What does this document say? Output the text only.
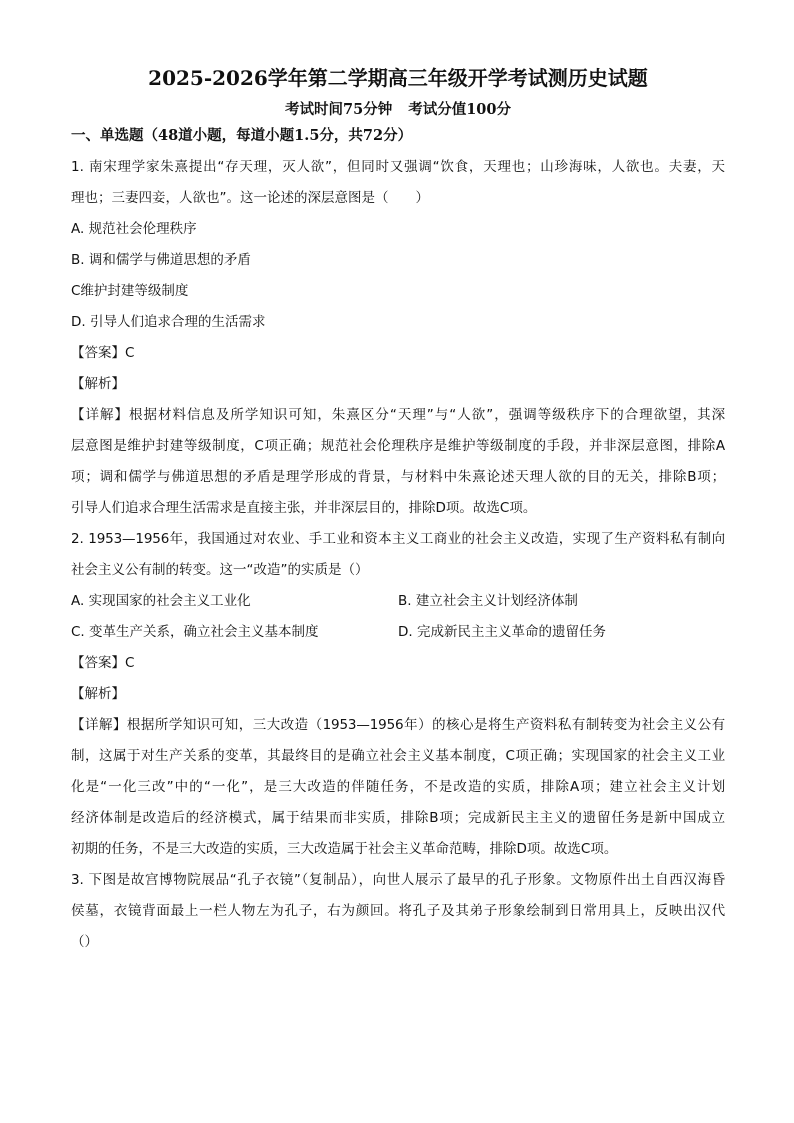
2025-2026学年第二学期高三年级开学考试测历史试题
考试时间75分钟 考试分值100分
一、单选题（48道小题，每道小题1.5分，共72分）
1. 南宋理学家朱熹提出“存天理，灭人欲”，但同时又强调“饮食，天理也；山珍海味，人欲也。夫妻，天
理也；三妻四妾，人欲也”。这一论述的深层意图是（　　）
A. 规范社会伦理秩序
B. 调和儒学与佛道思想的矛盾
C维护封建等级制度
D. 引导人们追求合理的生活需求
【答案】C
【解析】
【详解】根据材料信息及所学知识可知，朱熹区分“天理”与“人欲”，强调等级秩序下的合理欲望，其深
层意图是维护封建等级制度，C项正确；规范社会伦理秩序是维护等级制度的手段，并非深层意图，排除A
项；调和儒学与佛道思想的矛盾是理学形成的背景，与材料中朱熹论述天理人欲的目的无关，排除B项；
引导人们追求合理生活需求是直接主张，并非深层目的，排除D项。故选C项。
2. 1953—1956年，我国通过对农业、手工业和资本主义工商业的社会主义改造，实现了生产资料私有制向
社会主义公有制的转变。这一“改造”的实质是（）
A. 实现国家的社会主义工业化	B. 建立社会主义计划经济体制
C. 变革生产关系，确立社会主义基本制度	D. 完成新民主主义革命的遗留任务
【答案】C
【解析】
【详解】根据所学知识可知，三大改造（1953—1956年）的核心是将生产资料私有制转变为社会主义公有
制，这属于对生产关系的变革，其最终目的是确立社会主义基本制度，C项正确；实现国家的社会主义工业
化是“一化三改”中的“一化”，是三大改造的伴随任务，不是改造的实质，排除A项；建立社会主义计划
经济体制是改造后的经济模式，属于结果而非实质，排除B项；完成新民主主义的遗留任务是新中国成立
初期的任务，不是三大改造的实质，三大改造属于社会主义革命范畴，排除D项。故选C项。
3. 下图是故宫博物院展品“孔子衣镜”（复制品），向世人展示了最早的孔子形象。文物原件出土自西汉海昏
侯墓，衣镜背面最上一栏人物左为孔子，右为颜回。将孔子及其弟子形象绘制到日常用具上，反映出汉代
（）
